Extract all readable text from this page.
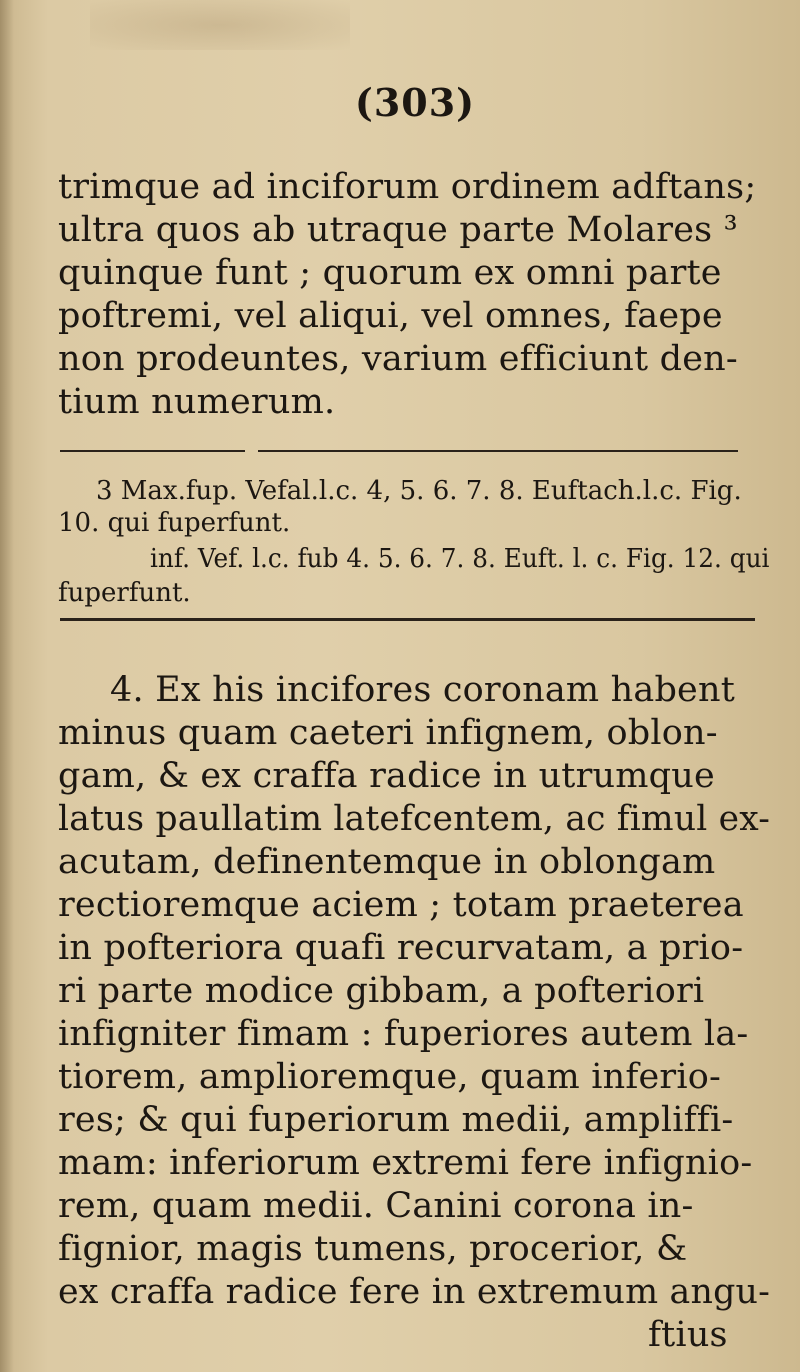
(303)
trimque ad inciforum ordinem adftans;
ultra quos ab utraque parte Molares ³
quinque funt ; quorum ex omni parte
poftremi, vel aliqui, vel omnes, faepe
non prodeuntes, varium efficiunt den-
tium numerum.
3 Max.fup. Vefal.l.c. 4, 5. 6. 7. 8. Euftach.l.c. Fig.
10. qui fuperfunt.
inf. Vef. l.c. fub 4. 5. 6. 7. 8. Euft. l. c. Fig. 12. qui
fuperfunt.
4. Ex his incifores coronam habent
minus quam caeteri infignem, oblon-
gam, & ex craffa radice in utrumque
latus paullatim latefcentem, ac fimul ex-
acutam, definentemque in oblongam
rectioremque aciem ; totam praeterea
in pofteriora quafi recurvatam, a prio-
ri parte modice gibbam, a pofteriori
infigniter fimam : fuperiores autem la-
tiorem, amplioremque, quam inferio-
res; & qui fuperiorum medii, ampliffi-
mam: inferiorum extremi fere infignio-
rem, quam medii. Canini corona in-
fignior, magis tumens, procerior, &
ex craffa radice fere in extremum angu-
ftius
